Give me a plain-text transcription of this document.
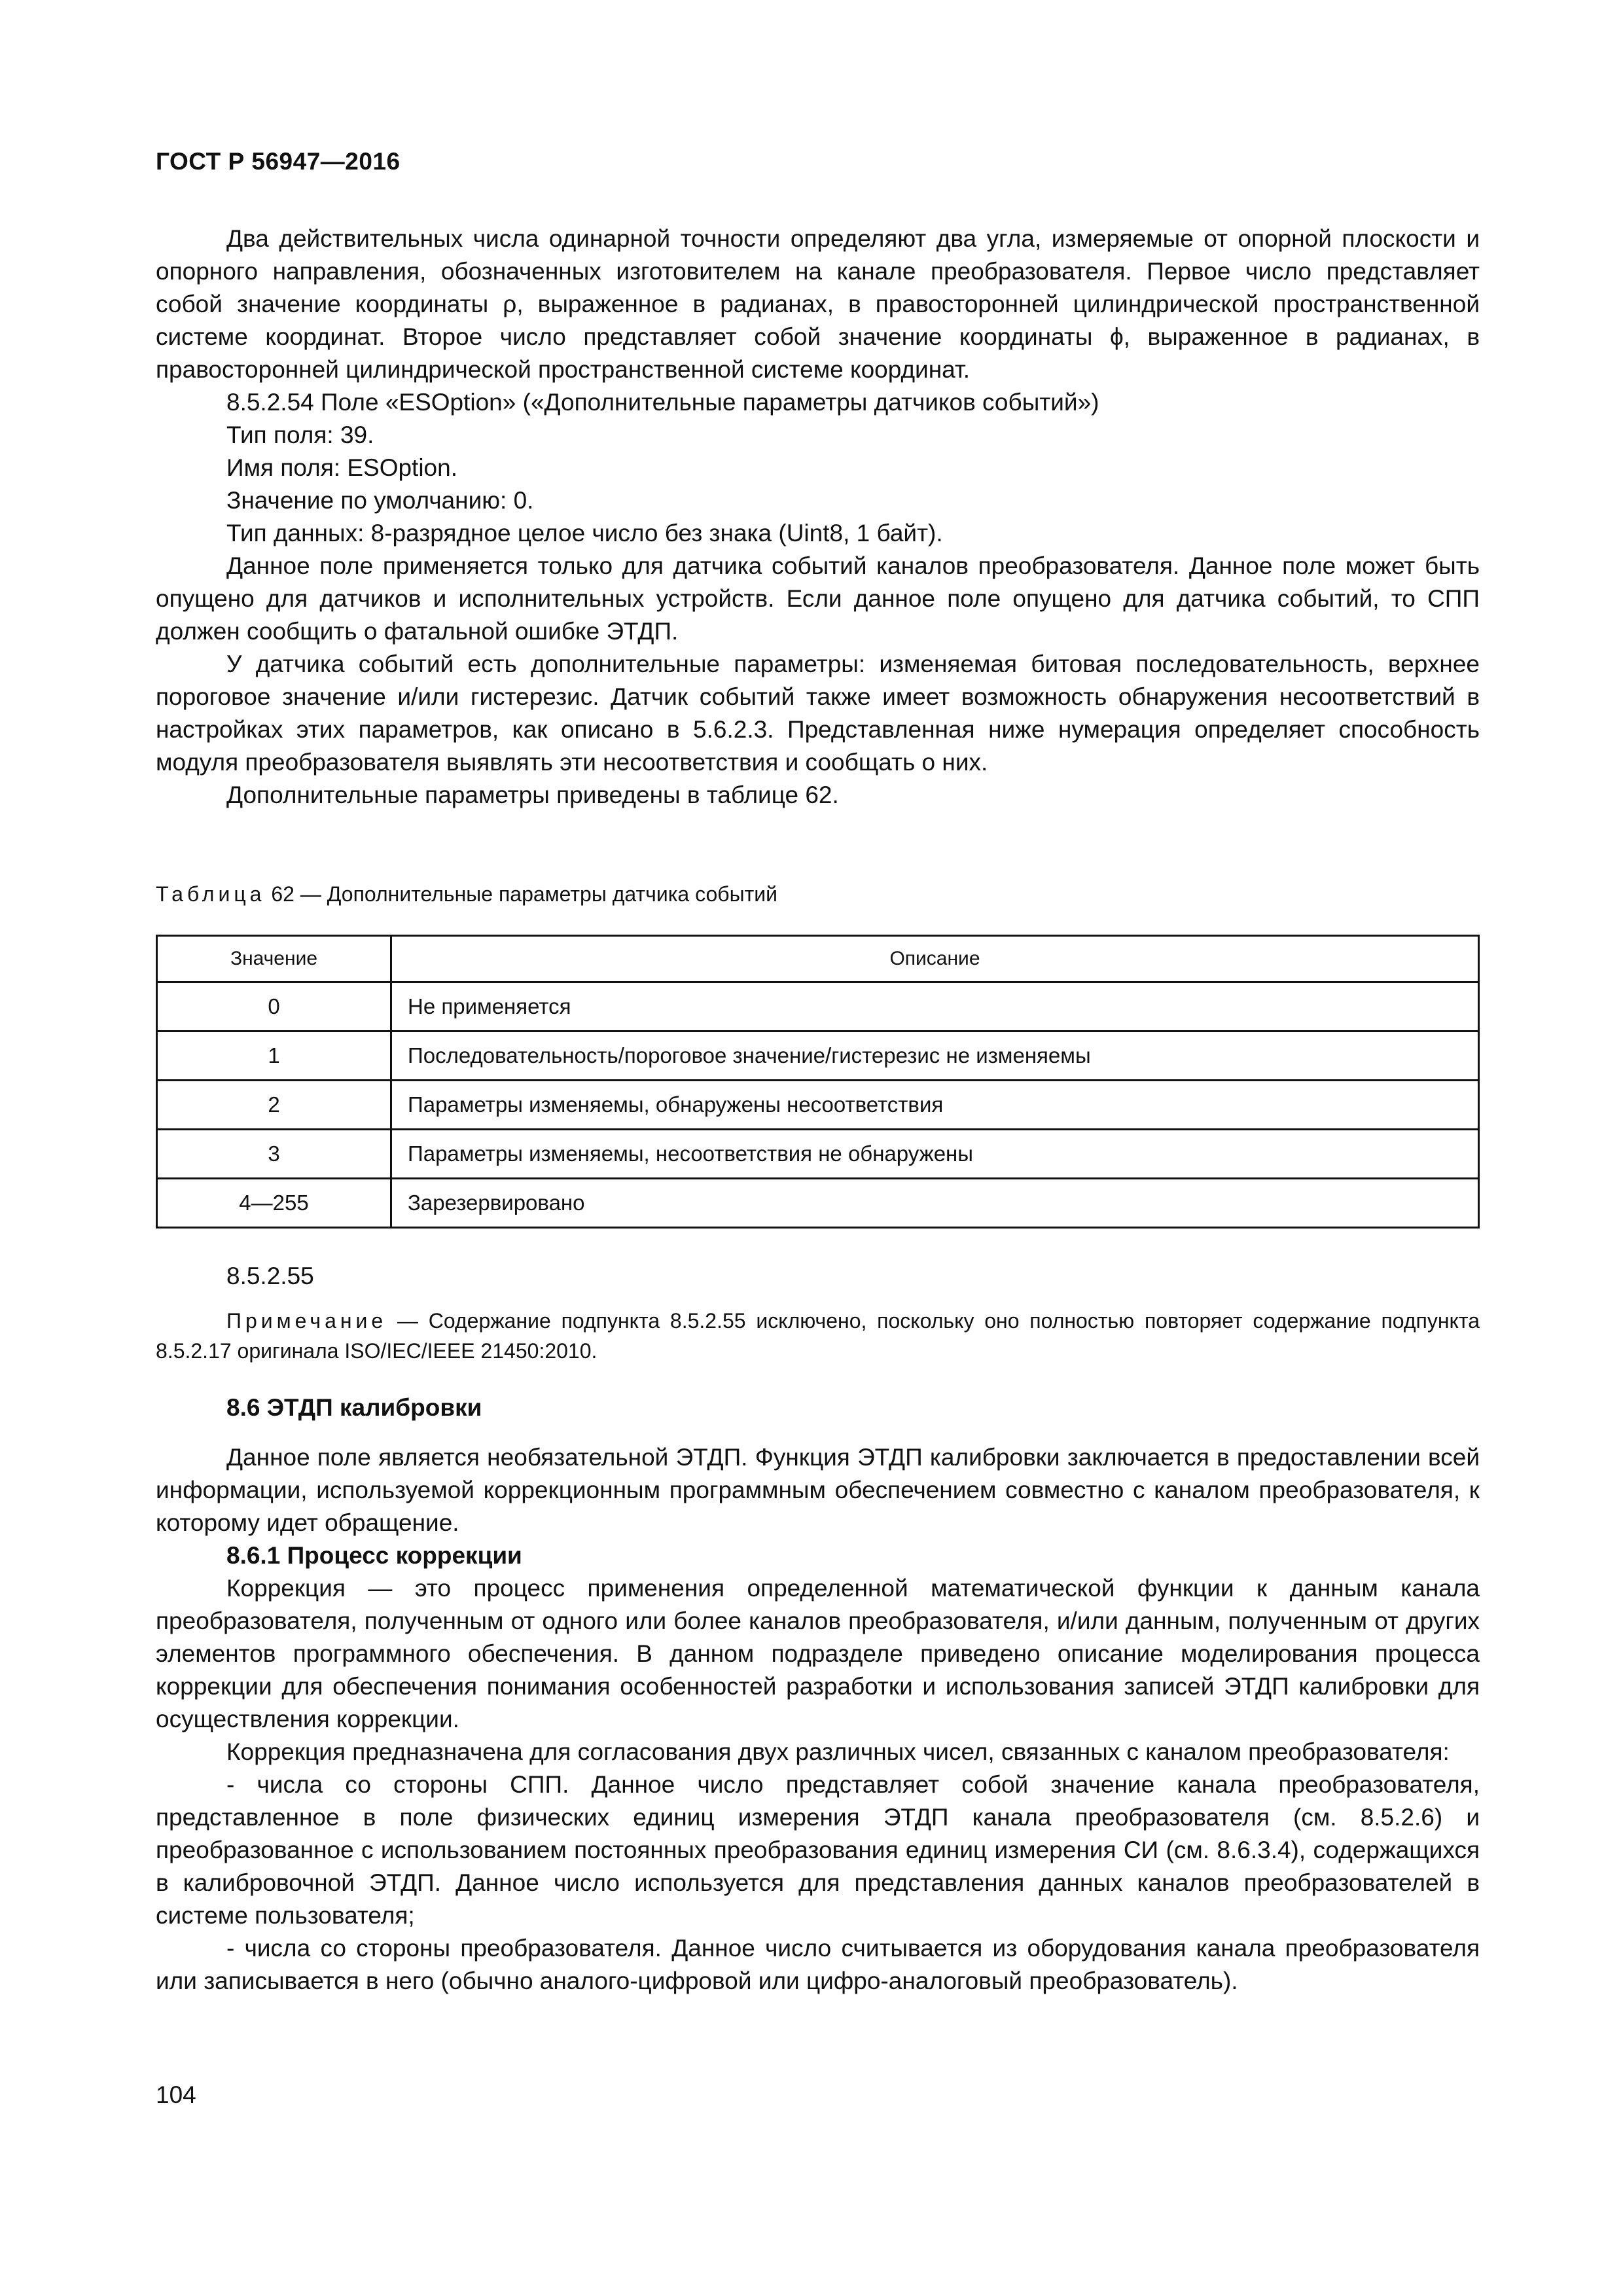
ГОСТ Р 56947—2016

Два действительных числа одинарной точности определяют два угла, измеряемые от опорной плоскости и опорного направления, обозначенных изготовителем на канале преобразователя. Первое число представляет собой значение координаты ρ, выраженное в радианах, в правосторонней цилиндрической пространственной системе координат. Второе число представляет собой значение координаты ϕ, выраженное в радианах, в правосторонней цилиндрической пространственной системе координат.

8.5.2.54 Поле «ESOption» («Дополнительные параметры датчиков событий»)

Тип поля: 39.

Имя поля: ESOption.

Значение по умолчанию: 0.

Тип данных: 8-разрядное целое число без знака (Uint8, 1 байт).

Данное поле применяется только для датчика событий каналов преобразователя. Данное поле может быть опущено для датчиков и исполнительных устройств. Если данное поле опущено для датчика событий, то СПП должен сообщить о фатальной ошибке ЭТДП.

У датчика событий есть дополнительные параметры: изменяемая битовая последовательность, верхнее пороговое значение и/или гистерезис. Датчик событий также имеет возможность обнаружения несоответствий в настройках этих параметров, как описано в 5.6.2.3. Представленная ниже нумерация определяет способность модуля преобразователя выявлять эти несоответствия и сообщать о них.

Дополнительные параметры приведены в таблице 62.

Таблица 62 — Дополнительные параметры датчика событий
Значение	Описание
0	Не применяется
1	Последовательность/пороговое значение/гистерезис не изменяемы
2	Параметры изменяемы, обнаружены несоответствия
3	Параметры изменяемы, несоответствия не обнаружены
4—255	Зарезервировано

8.5.2.55

Примечание — Содержание подпункта 8.5.2.55 исключено, поскольку оно полностью повторяет содержание подпункта 8.5.2.17 оригинала ISO/IEC/IEEE 21450:2010.

8.6 ЭТДП калибровки

Данное поле является необязательной ЭТДП. Функция ЭТДП калибровки заключается в предоставлении всей информации, используемой коррекционным программным обеспечением совместно с каналом преобразователя, к которому идет обращение.

8.6.1 Процесс коррекции

Коррекция — это процесс применения определенной математической функции к данным канала преобразователя, полученным от одного или более каналов преобразователя, и/или данным, полученным от других элементов программного обеспечения. В данном подразделе приведено описание моделирования процесса коррекции для обеспечения понимания особенностей разработки и использования записей ЭТДП калибровки для осуществления коррекции.

Коррекция предназначена для согласования двух различных чисел, связанных с каналом преобразователя:

- числа со стороны СПП. Данное число представляет собой значение канала преобразователя, представленное в поле физических единиц измерения ЭТДП канала преобразователя (см. 8.5.2.6) и преобразованное с использованием постоянных преобразования единиц измерения СИ (см. 8.6.3.4), содержащихся в калибровочной ЭТДП. Данное число используется для представления данных каналов преобразователей в системе пользователя;

- числа со стороны преобразователя. Данное число считывается из оборудования канала преобразователя или записывается в него (обычно аналого-цифровой или цифро-аналоговый преобразователь).

104
